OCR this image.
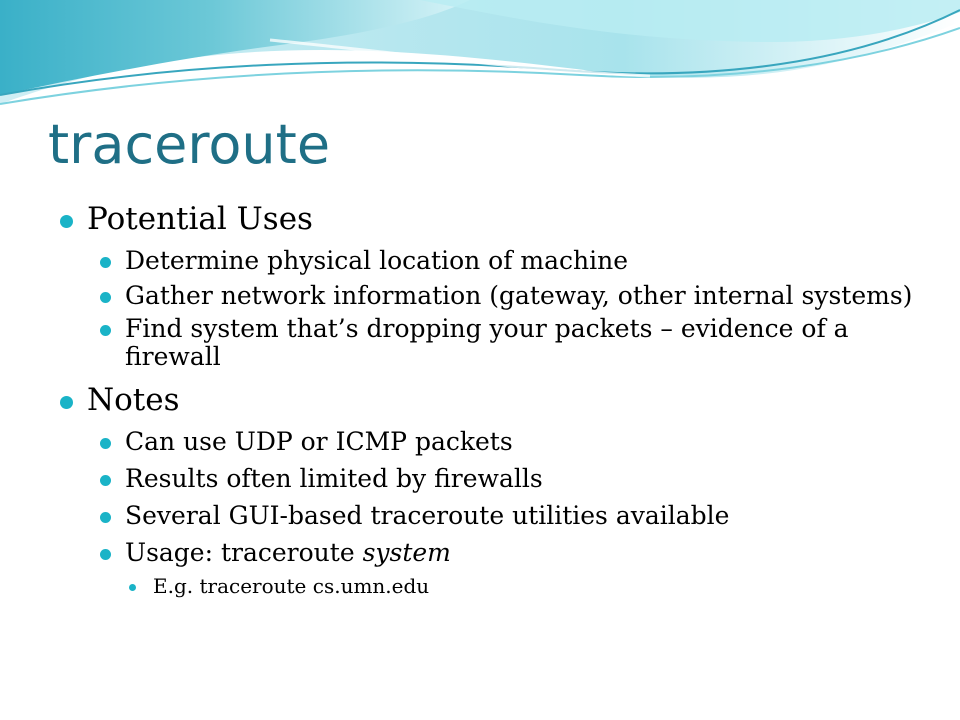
traceroute
Potential Uses
Determine physical location of machine
Gather network information (gateway, other internal systems)
Find system that’s dropping your packets – evidence of a firewall
Notes
Can use UDP or ICMP packets
Results often limited by firewalls
Several GUI-based traceroute utilities available
Usage: traceroute system
E.g. traceroute cs.umn.edu
